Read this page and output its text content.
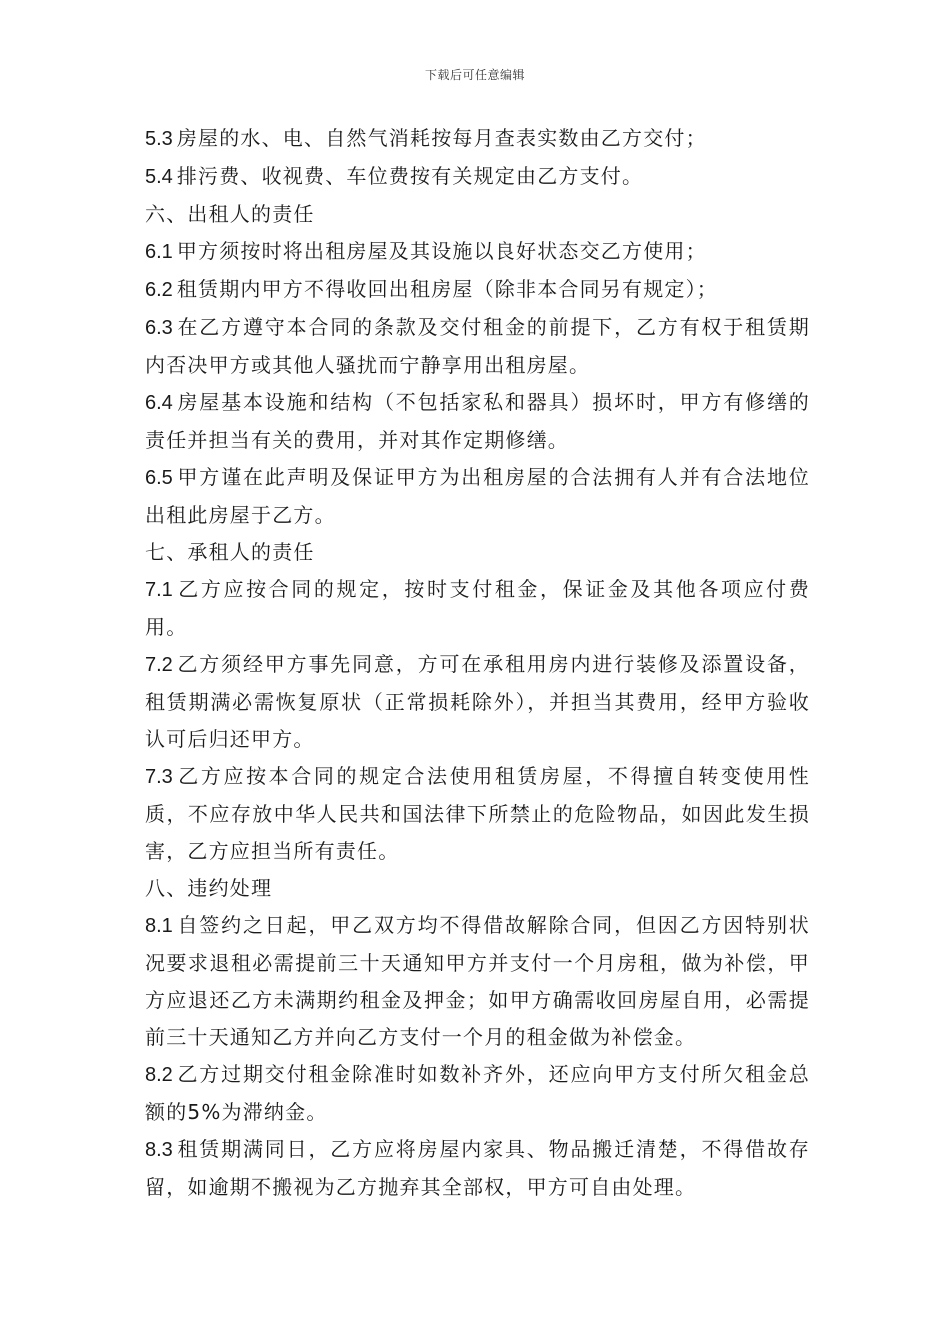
下载后可任意编辑

5.3 房屋的水、电、自然气消耗按每月查表实数由乙方交付；

5.4 排污费、收视费、车位费按有关规定由乙方支付。

六、出租人的责任

6.1 甲方须按时将出租房屋及其设施以良好状态交乙方使用；

6.2 租赁期内甲方不得收回出租房屋（除非本合同另有规定）；

6.3 在乙方遵守本合同的条款及交付租金的前提下，乙方有权于租赁期内否决甲方或其他人骚扰而宁静享用出租房屋。

6.4 房屋基本设施和结构（不包括家私和器具）损坏时，甲方有修缮的责任并担当有关的费用，并对其作定期修缮。

6.5 甲方谨在此声明及保证甲方为出租房屋的合法拥有人并有合法地位出租此房屋于乙方。

七、承租人的责任

7.1 乙方应按合同的规定，按时支付租金，保证金及其他各项应付费用。

7.2 乙方须经甲方事先同意，方可在承租用房内进行装修及添置设备，租赁期满必需恢复原状（正常损耗除外），并担当其费用，经甲方验收认可后归还甲方。

7.3 乙方应按本合同的规定合法使用租赁房屋，不得擅自转变使用性质，不应存放中华人民共和国法律下所禁止的危险物品，如因此发生损害，乙方应担当所有责任。

八、违约处理

8.1 自签约之日起，甲乙双方均不得借故解除合同，但因乙方因特别状况要求退租必需提前三十天通知甲方并支付一个月房租，做为补偿，甲方应退还乙方未满期约租金及押金；如甲方确需收回房屋自用，必需提前三十天通知乙方并向乙方支付一个月的租金做为补偿金。

8.2 乙方过期交付租金除准时如数补齐外，还应向甲方支付所欠租金总额的5%为滞纳金。

8.3 租赁期满同日，乙方应将房屋内家具、物品搬迁清楚，不得借故存留，如逾期不搬视为乙方抛弃其全部权，甲方可自由处理。
